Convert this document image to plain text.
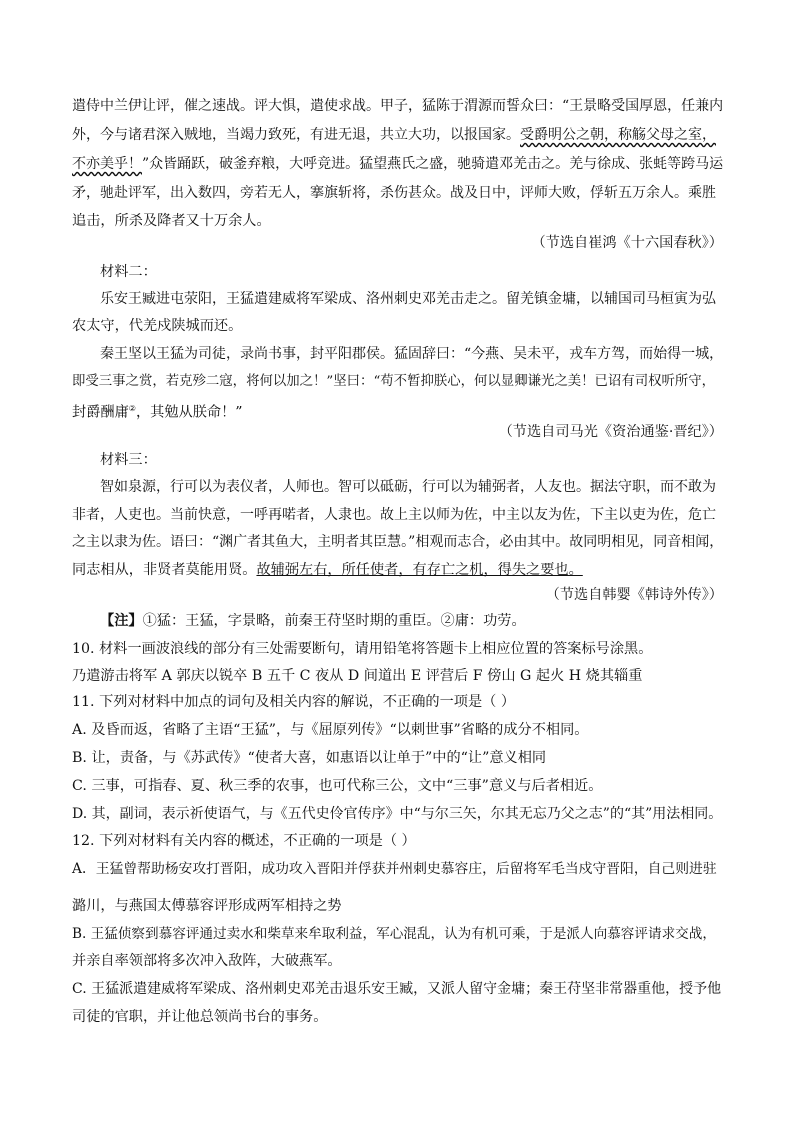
遣侍中兰伊让评，催之速战。评大惧，遣使求战。甲子，猛陈于渭源而誓众曰：“王景略受国厚恩，任兼内
外，今与诸君深入贼地，当竭力致死，有进无退，共立大功，以报国家。受爵明公之朝，称觞父母之室，
不亦美乎！”众皆踊跃，破釜弃粮，大呼竞进。猛望燕氏之盛，驰骑遣邓羌击之。羌与徐成、张蚝等跨马运
矛，驰赴评军，出入数四，旁若无人，搴旗斩将，杀伤甚众。战及日中，评师大败，俘斩五万余人。乘胜
追击，所杀及降者又十万余人。
（节选自崔鸿《十六国春秋》）
材料二：
乐安王臧进屯荥阳，王猛遣建威将军梁成、洛州刺史邓羌击走之。留羌镇金墉，以辅国司马桓寅为弘
农太守，代羌戍陕城而还。
秦王坚以王猛为司徒，录尚书事，封平阳郡侯。猛固辞曰：“今燕、吴未平，戎车方驾，而始得一城，
即受三事之赏，若克殄二寇，将何以加之！”坚曰：“苟不暂抑朕心，何以显卿谦光之美！已诏有司权听所守，
封爵酬庸②，其勉从朕命！”
（节选自司马光《资治通鉴·晋纪》）
材料三：
智如泉源，行可以为表仪者，人师也。智可以砥砺，行可以为辅弼者，人友也。据法守职，而不敢为
非者，人吏也。当前快意，一呼再喏者，人隶也。故上主以师为佐，中主以友为佐，下主以吏为佐，危亡
之主以隶为佐。语曰：“渊广者其鱼大，主明者其臣慧。”相观而志合，必由其中。故同明相见，同音相闻，
同志相从，非贤者莫能用贤。故辅弼左右，所任使者，有存亡之机，得失之要也。
（节选自韩婴《韩诗外传》）
【注】①猛：王猛，字景略，前秦王苻坚时期的重臣。②庸：功劳。
10. 材料一画波浪线的部分有三处需要断句，请用铅笔将答题卡上相应位置的答案标号涂黑。
乃遣游击将军 A 郭庆以锐卒 B 五千 C 夜从 D 间道出 E 评营后 F 傍山 G 起火 H 烧其辎重
11. 下列对材料中加点的词句及相关内容的解说，不正确的一项是（ ）
A. 及昏而返，省略了主语“王猛”，与《屈原列传》“以刺世事”省略的成分不相同。
B. 让，责备，与《苏武传》“使者大喜，如惠语以让单于”中的“让”意义相同
C. 三事，可指春、夏、秋三季的农事，也可代称三公，文中“三事”意义与后者相近。
D. 其，副词，表示祈使语气，与《五代史伶官传序》中“与尔三矢，尔其无忘乃父之志”的“其”用法相同。
12. 下列对材料有关内容的概述，不正确的一项是（ ）
A．王猛曾帮助杨安攻打晋阳，成功攻入晋阳并俘获并州刺史慕容庄，后留将军毛当戍守晋阳，自己则进驻
潞川，与燕国太傅慕容评形成两军相持之势
B. 王猛侦察到慕容评通过卖水和柴草来牟取利益，军心混乱，认为有机可乘，于是派人向慕容评请求交战，
并亲自率领部将多次冲入敌阵，大破燕军。
C. 王猛派遣建威将军梁成、洛州刺史邓羌击退乐安王臧，又派人留守金墉；秦王苻坚非常器重他，授予他
司徒的官职，并让他总领尚书台的事务。
